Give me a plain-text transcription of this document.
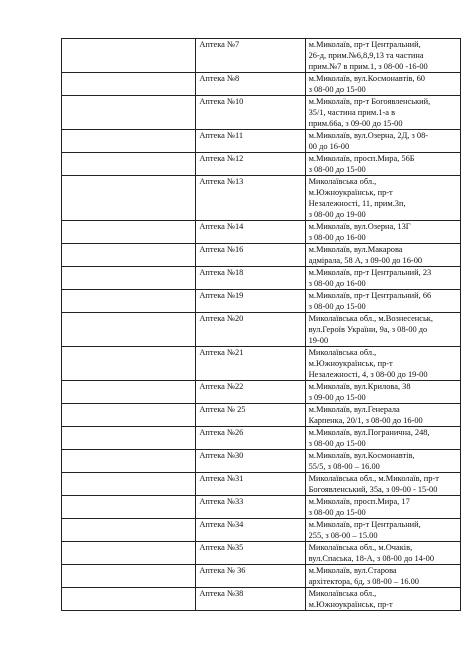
	Аптека №7	м.Миколаїв, пр-т Центральний,
26-д, прим.№6,8,9,13 та частина
прим.№7 в прим.1, з 08-00 -16-00

	Аптека №8	м.Миколаїв, вул.Космонавтів, 60
з 08-00 до 15-00

	Аптека №10	м.Миколаїв, пр-т Богоявленський,
35/1, частина прим.1-а в
прим.66а, з 09-00 до 15-00

	Аптека №11	м.Миколаїв, вул.Озерна, 2Д, з 08-
00 до 16-00

	Аптека №12	м.Миколаїв, просп.Мира, 56Б
з 08-00 до 15-00

	Аптека №13	Миколаївська обл.,
м.Южноукраїнськ, пр-т
Незалежності, 11, прим.3п,
з 08-00 до 19-00

	Аптека №14	м.Миколаїв, вул.Озерна, 13Г
з 08-00 до 16-00

	Аптека №16	м.Миколаїв, вул.Макарова
адмірала, 58 А, з 09-00 до 16-00

	Аптека №18	м.Миколаїв, пр-т Центральний, 23
з 08-00 до 16-00

	Аптека №19	м.Миколаїв, пр-т Центральний, 66
з 08-00 до 15-00

	Аптека №20	Миколаївська обл., м.Вознесенськ,
вул.Героїв України, 9а, з 08-00 до
19-00

	Аптека №21	Миколаївська обл.,
м.Южноукраїнськ, пр-т
Незалежності, 4, з 08-00 до 19-00

	Аптека №22	м.Миколаїв, вул.Крилова, 38
з 09-00 до 15-00

	Аптека № 25	м.Миколаїв, вул.Генерала
Карпенка, 20/1, з 08-00 до 16-00

	Аптека №26	м.Миколаїв, вул.Погранична, 248,
з 08-00 до 15-00

	Аптека №30	м.Миколаїв, вул.Космонавтів,
55/5, з 08-00 – 16.00

	Аптека №31	Миколаївська обл., м.Миколаїв, пр-т
Богоявленський, 35а, з 09-00 - 15-00

	Аптека №33	м.Миколаїв, просп.Мира, 17
з 08-00 до 15-00

	Аптека №34	м.Миколаїв, пр-т Центральний,
255, з 08-00 – 15.00

	Аптека №35	Миколаївська обл., м.Очаків,
вул.Спаська, 18-А, з 08-00 до 14-00

	Аптека № 36	м.Миколаїв, вул.Старова
архітектора, 6д, з 08-00 – 16.00

	Аптека №38	Миколаївська обл.,
м.Южноукраїнськ, пр-т
